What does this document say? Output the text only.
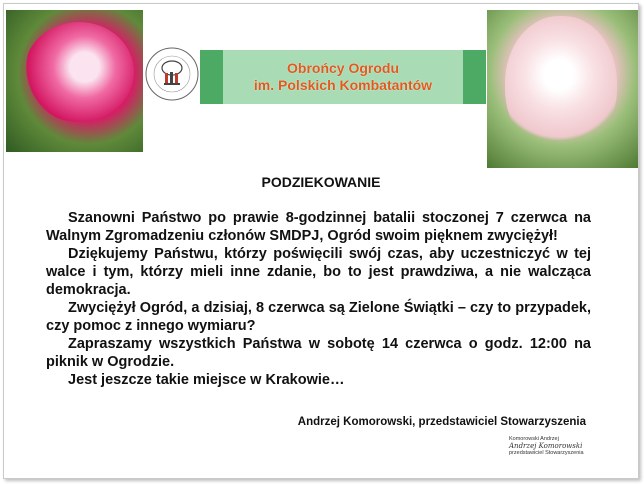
Obrońcy Ogrodu
im. Polskich Kombatantów
PODZIEKOWANIE

Szanowni Państwo po prawie 8-godzinnej batalii stoczonej 7 czerwca na Walnym Zgromadzeniu członów SMDPJ, Ogród swoim pięknem zwyciężył!

Dziękujemy Państwu, którzy poświęcili swój czas, aby uczestniczyć w tej walce i tym, którzy mieli inne zdanie, bo to jest prawdziwa, a nie walcząca demokracja.

Zwyciężył Ogród, a dzisiaj, 8 czerwca są Zielone Świątki – czy to przypadek, czy pomoc z innego wymiaru?

Zapraszamy wszystkich Państwa w sobotę 14 czerwca o godz. 12:00 na piknik w Ogrodzie.

Jest jeszcze takie miejsce w Krakowie…

Andrzej Komorowski, przedstawiciel Stowarzyszenia
Komorowski Andrzej
Andrzej Komorowski
przedstawiciel Stowarzyszenia
